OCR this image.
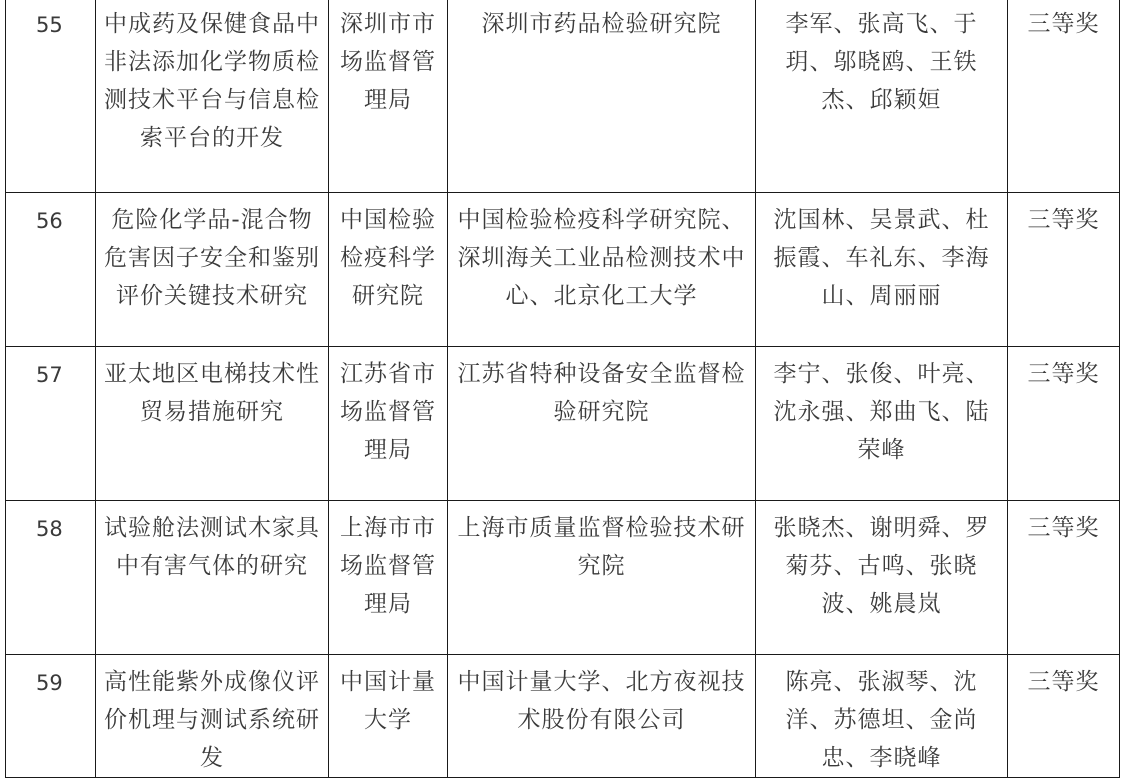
55	中成药及保健食品中非法添加化学物质检测技术平台与信息检索平台的开发	深圳市市场监督管理局	深圳市药品检验研究院	李军、张高飞、于玥、邬晓鸥、王铁杰、邱颖姮	三等奖

56	危险化学品-混合物危害因子安全和鉴别评价关键技术研究	中国检验检疫科学研究院	中国检验检疫科学研究院、深圳海关工业品检测技术中心、北京化工大学	沈国林、吴景武、杜振霞、车礼东、李海山、周丽丽	三等奖

57	亚太地区电梯技术性贸易措施研究	江苏省市场监督管理局	江苏省特种设备安全监督检验研究院	李宁、张俊、叶亮、沈永强、郑曲飞、陆荣峰	三等奖

58	试验舱法测试木家具中有害气体的研究	上海市市场监督管理局	上海市质量监督检验技术研究院	张晓杰、谢明舜、罗菊芬、古鸣、张晓波、姚晨岚	三等奖

59	高性能紫外成像仪评价机理与测试系统研发	中国计量大学	中国计量大学、北方夜视技术股份有限公司	陈亮、张淑琴、沈洋、苏德坦、金尚忠、李晓峰	三等奖
